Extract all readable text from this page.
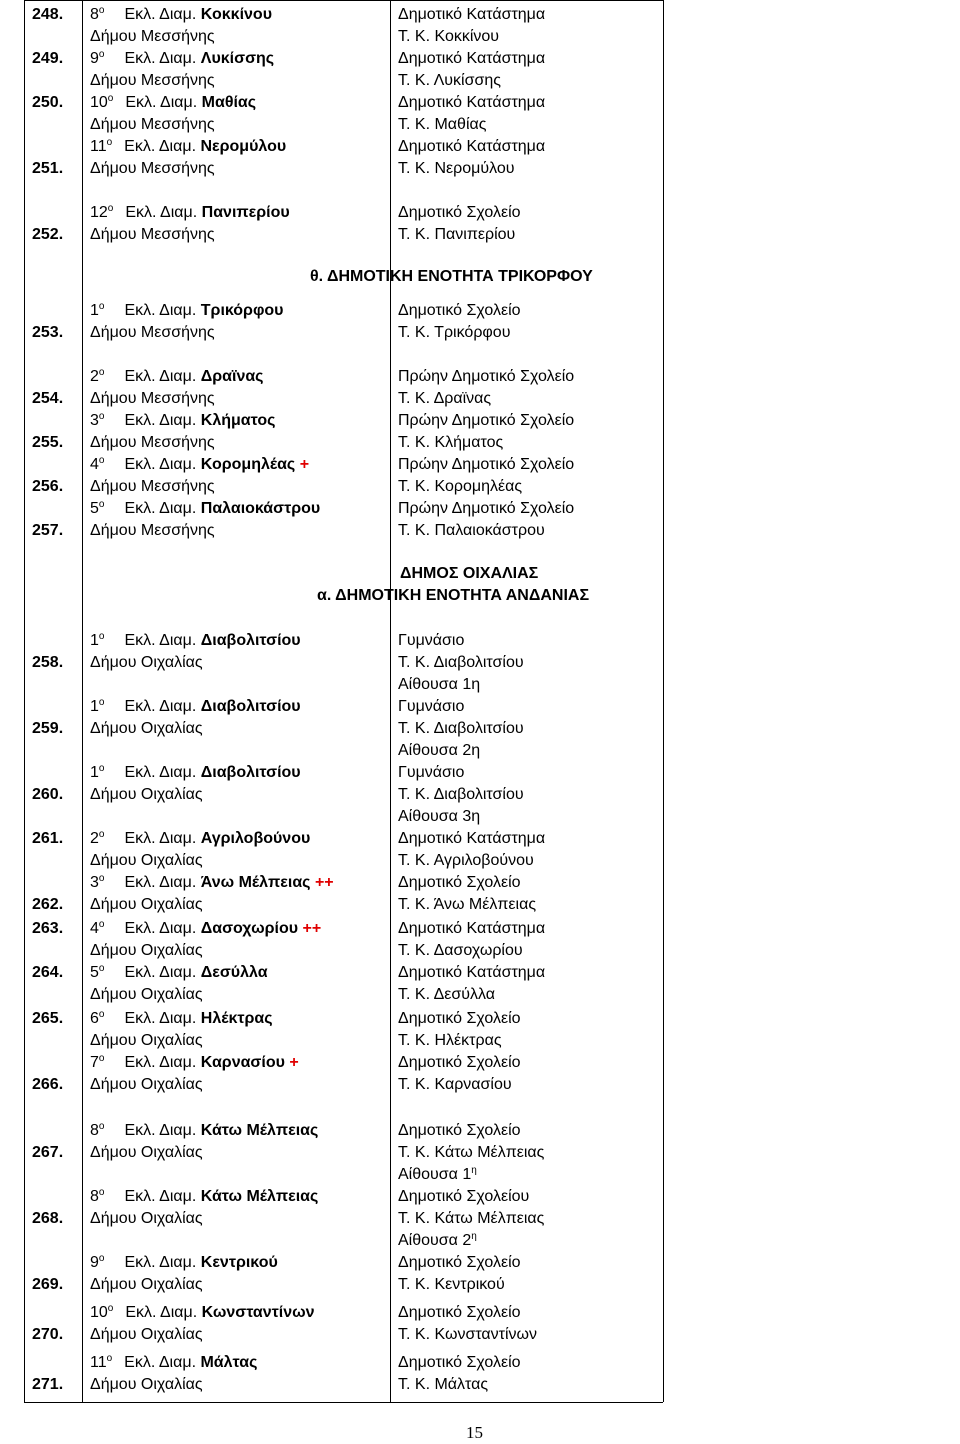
248. $8^o$ Εκλ. Διαμ. Κοκκίνου
Δήμου Μεσσήνης
Δημοτικό Κατάστημα
Τ. Κ. Κοκκίνου
249. $9^o$ Εκλ. Διαμ. Λυκίσσης
Δήμου Μεσσήνης
Δημοτικό Κατάστημα
Τ. Κ. Λυκίσσης
250. $10^o$ Εκλ. Διαμ. Μαθίας
Δήμου Μεσσήνης
Δημοτικό Κατάστημα
Τ. Κ. Μαθίας
251.
$11^o$ Εκλ. Διαμ. Νερομύλου
Δήμου Μεσσήνης
Δημοτικό Κατάστημα
Τ. Κ. Νερομύλου
252.
$12^o$ Εκλ. Διαμ. Πανιπερίου
Δήμου Μεσσήνης
Δημοτικό Σχολείο
Τ. Κ. Πανιπερίου
253.
$1^o$ Εκλ. Διαμ. Τρικόρφου
Δήμου Μεσσήνης
Δημοτικό Σχολείο
Τ. Κ. Τρικόρφου
254.
$2^o$ Εκλ. Διαμ. Δραϊνας
Δήμου Μεσσήνης
Πρώην Δημοτικό Σχολείο
Τ. Κ. Δραϊνας
255.
$3^o$ Εκλ. Διαμ. Κλήματος
Δήμου Μεσσήνης
Πρώην Δημοτικό Σχολείο
Τ. Κ. Κλήματος
256.
$4^o$ Εκλ. Διαμ. Κορομηλέας +
Δήμου Μεσσήνης
Πρώην Δημοτικό Σχολείο
Τ. Κ. Κορομηλέας
257.
$5^o$ Εκλ. Διαμ. Παλαιοκάστρου
Δήμου Μεσσήνης
Πρώην Δημοτικό Σχολείο
Τ. Κ. Παλαιοκάστρου
258.
$1^o$ Εκλ. Διαμ. Διαβολιτσίου
Δήμου Οιχαλίας
Γυμνάσιο
Τ. Κ. Διαβολιτσίου
Αίθουσα 1η
259.
$1^o$ Εκλ. Διαμ. Διαβολιτσίου
Δήμου Οιχαλίας
Γυμνάσιο
Τ. Κ. Διαβολιτσίου
Αίθουσα 2η
260.
$1^o$ Εκλ. Διαμ. Διαβολιτσίου
Δήμου Οιχαλίας
Γυμνάσιο
Τ. Κ. Διαβολιτσίου
Αίθουσα 3η
261. $2^o$ Εκλ. Διαμ. Αγριλοβούνου
Δήμου Οιχαλίας
Δημοτικό Κατάστημα
Τ. Κ. Αγριλοβούνου
262.
$3^o$ Εκλ. Διαμ. Άνω Μέλπειας ++
Δήμου Οιχαλίας
Δημοτικό Σχολείο
Τ. Κ. Άνω Μέλπειας
263. $4^o$ Εκλ. Διαμ. Δασοχωρίου ++
Δήμου Οιχαλίας
Δημοτικό Κατάστημα
Τ. Κ. Δασοχωρίου
264. $5^o$ Εκλ. Διαμ. Δεσύλλα
Δήμου Οιχαλίας
Δημοτικό Κατάστημα
Τ. Κ. Δεσύλλα
265. $6^o$ Εκλ. Διαμ. Ηλέκτρας
Δήμου Οιχαλίας
Δημοτικό Σχολείο
Τ. Κ. Ηλέκτρας
266.
$7^o$ Εκλ. Διαμ. Καρνασίου +
Δήμου Οιχαλίας
Δημοτικό Σχολείο
Τ. Κ. Καρνασίου
267.
$8^o$ Εκλ. Διαμ. Κάτω Μέλπειας
Δήμου Οιχαλίας
Δημοτικό Σχολείο
Τ. Κ. Κάτω Μέλπειας
Αίθουσα $1^\eta$
268.
$8^o$ Εκλ. Διαμ. Κάτω Μέλπειας
Δήμου Οιχαλίας
Δημοτικό Σχολείου
Τ. Κ. Κάτω Μέλπειας
Αίθουσα $2^\eta$
269.
$9^o$ Εκλ. Διαμ. Κεντρικού
Δήμου Οιχαλίας
Δημοτικό Σχολείο
Τ. Κ. Κεντρικού
270.
$10^o$ Εκλ. Διαμ. Κωνσταντίνων
Δήμου Οιχαλίας
Δημοτικό Σχολείο
Τ. Κ. Κωνσταντίνων
271.
$11^o$ Εκλ. Διαμ. Μάλτας
Δήμου Οιχαλίας
Δημοτικό Σχολείο
Τ. Κ. Μάλτας
θ. ΔΗΜΟΤΙΚΗ ΕΝΟΤΗΤΑ ΤΡΙΚΟΡΦΟΥ
ΔΗΜΟΣ ΟΙΧΑΛΙΑΣ
α. ΔΗΜΟΤΙΚΗ ΕΝΟΤΗΤΑ ΑΝΔΑΝΙΑΣ
15
